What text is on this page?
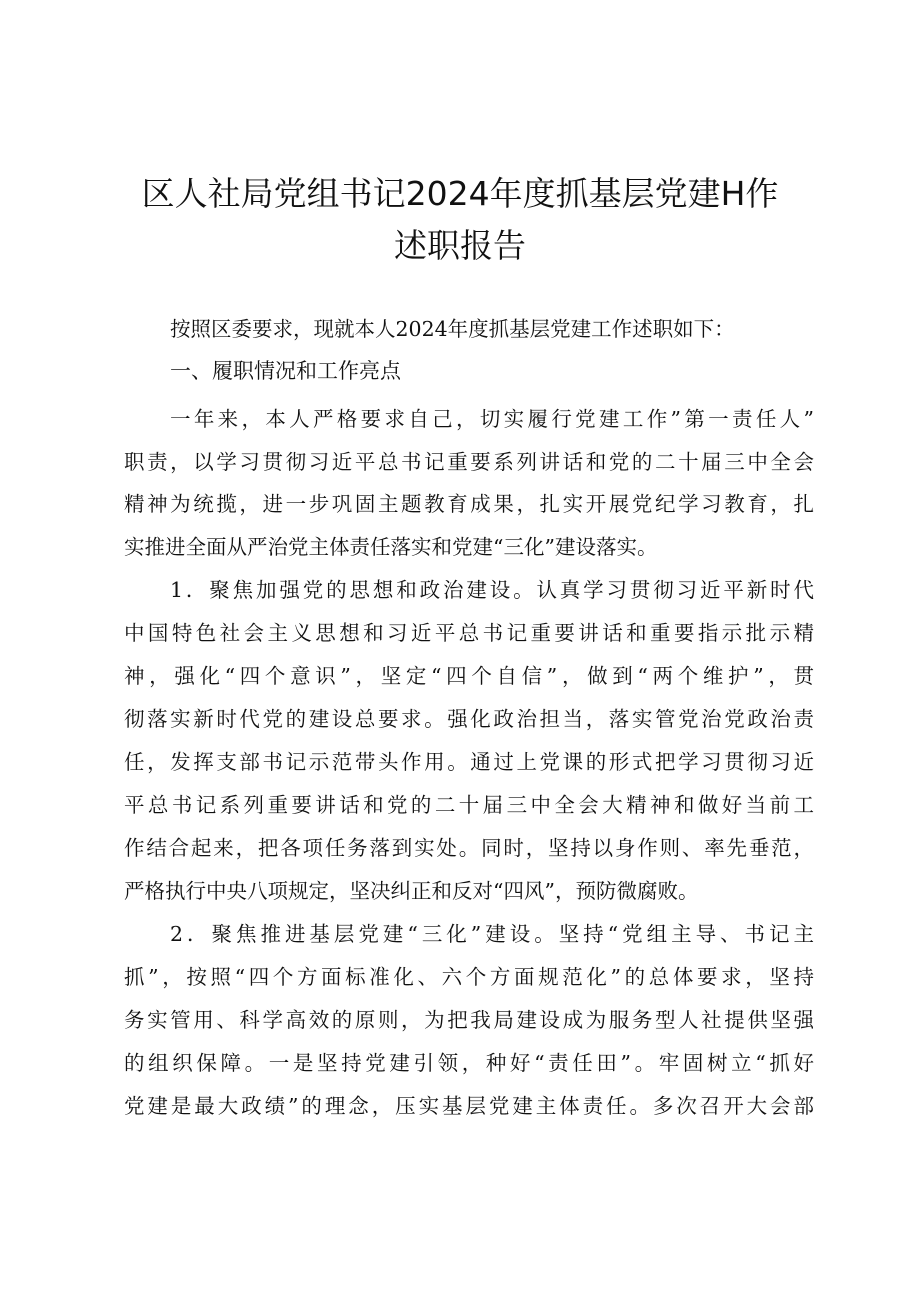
区人社局党组书记2024年度抓基层党建H作
述职报告
按照区委要求，现就本人2024年度抓基层党建工作述职如下：
一、履职情况和工作亮点
一年来，本人严格要求自己，切实履行党建工作”第一责任人”
职责，以学习贯彻习近平总书记重要系列讲话和党的二十届三中全会
精神为统揽，进一步巩固主题教育成果，扎实开展党纪学习教育，扎
实推进全面从严治党主体责任落实和党建“三化”建设落实。
1．聚焦加强党的思想和政治建设。认真学习贯彻习近平新时代
中国特色社会主义思想和习近平总书记重要讲话和重要指示批示精
神，强化“四个意识”，坚定“四个自信”，做到“两个维护”，贯
彻落实新时代党的建设总要求。强化政治担当，落实管党治党政治责
任，发挥支部书记示范带头作用。通过上党课的形式把学习贯彻习近
平总书记系列重要讲话和党的二十届三中全会大精神和做好当前工
作结合起来，把各项任务落到实处。同时，坚持以身作则、率先垂范，
严格执行中央八项规定，坚决纠正和反对“四风”，预防微腐败。
2．聚焦推进基层党建“三化”建设。坚持“党组主导、书记主
抓”，按照“四个方面标准化、六个方面规范化”的总体要求，坚持
务实管用、科学高效的原则，为把我局建设成为服务型人社提供坚强
的组织保障。一是坚持党建引领，种好“责任田”。牢固树立“抓好
党建是最大政绩”的理念，压实基层党建主体责任。多次召开大会部
